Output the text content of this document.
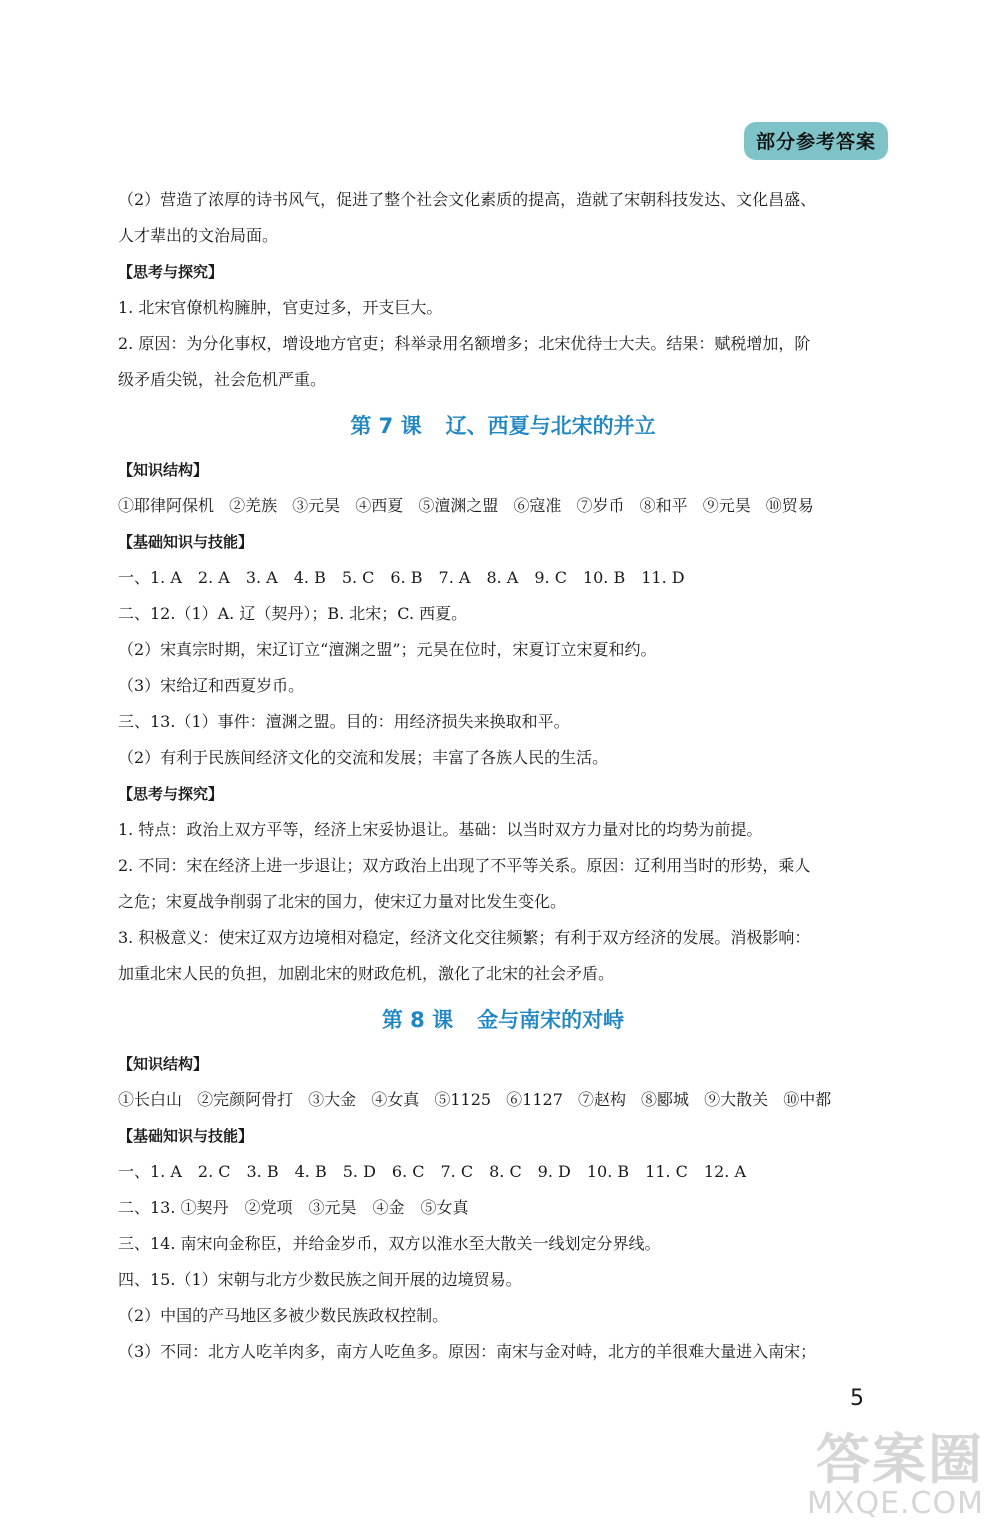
部分参考答案

（2）营造了浓厚的诗书风气，促进了整个社会文化素质的提高，造就了宋朝科技发达、文化昌盛、

人才辈出的文治局面。

【思考与探究】

1. 北宋官僚机构臃肿，官吏过多，开支巨大。

2. 原因：为分化事权，增设地方官吏；科举录用名额增多；北宋优待士大夫。结果：赋税增加，阶

级矛盾尖锐，社会危机严重。

第 7 课 辽、西夏与北宋的并立

【知识结构】

①耶律阿保机 ②羌族 ③元昊 ④西夏 ⑤澶渊之盟 ⑥寇准 ⑦岁币 ⑧和平 ⑨元昊 ⑩贸易

【基础知识与技能】

一、1. A　2. A　3. A　4. B　5. C　6. B　7. A　8. A　9. C　10. B　11. D

二、12.（1）A. 辽（契丹）；B. 北宋；C. 西夏。

（2）宋真宗时期，宋辽订立“澶渊之盟”；元昊在位时，宋夏订立宋夏和约。

（3）宋给辽和西夏岁币。

三、13.（1）事件：澶渊之盟。目的：用经济损失来换取和平。

（2）有利于民族间经济文化的交流和发展；丰富了各族人民的生活。

【思考与探究】

1. 特点：政治上双方平等，经济上宋妥协退让。基础：以当时双方力量对比的均势为前提。

2. 不同：宋在经济上进一步退让；双方政治上出现了不平等关系。原因：辽利用当时的形势，乘人

之危；宋夏战争削弱了北宋的国力，使宋辽力量对比发生变化。

3. 积极意义：使宋辽双方边境相对稳定，经济文化交往频繁；有利于双方经济的发展。消极影响：

加重北宋人民的负担，加剧北宋的财政危机，激化了北宋的社会矛盾。

第 8 课 金与南宋的对峙

【知识结构】

①长白山 ②完颜阿骨打 ③大金 ④女真 ⑤1125 ⑥1127 ⑦赵构 ⑧郾城 ⑨大散关 ⑩中都

【基础知识与技能】

一、1. A　2. C　3. B　4. B　5. D　6. C　7. C　8. C　9. D　10. B　11. C　12. A

二、13. ①契丹　②党项　③元昊　④金　⑤女真

三、14. 南宋向金称臣，并给金岁币，双方以淮水至大散关一线划定分界线。

四、15.（1）宋朝与北方少数民族之间开展的边境贸易。

（2）中国的产马地区多被少数民族政权控制。

（3）不同：北方人吃羊肉多，南方人吃鱼多。原因：南宋与金对峙，北方的羊很难大量进入南宋；

5
答案圈
MXQE.COM
